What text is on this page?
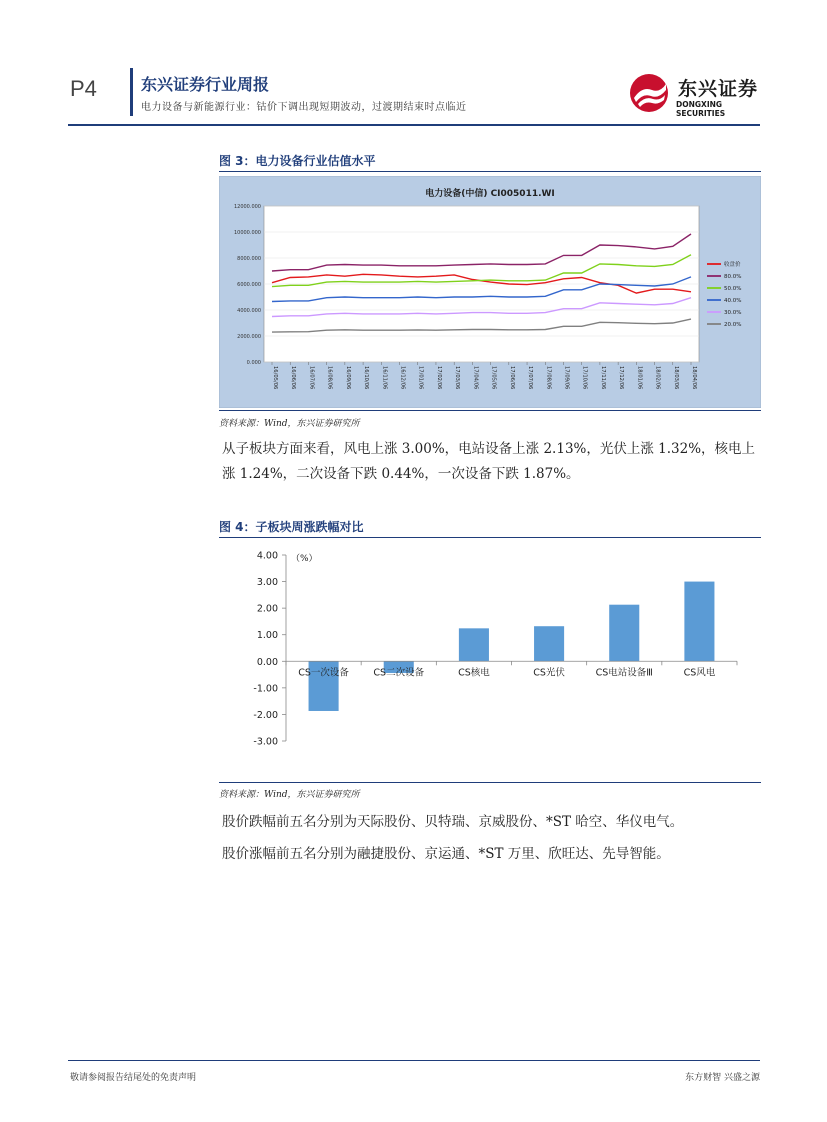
P4	东兴证券行业周报
电力设备与新能源行业：钴价下调出现短期波动，过渡期结束时点临近
东兴证券
DONGXING SECURITIES
图 3：电力设备行业估值水平
电力设备(中信) CI005011.WI
0.000
2000.000
4000.000
6000.000
8000.000
10000.000
12000.000
16/05/06 16/06/06 16/07/06 16/08/06 16/09/06 16/10/06 16/11/06 16/12/06 17/01/06 17/02/06 17/03/06 17/04/06 17/05/06 17/06/06 17/07/06 17/08/06 17/09/06 17/10/06 17/11/06 17/12/06 18/01/06 18/02/06 18/03/06 18/04/06
收盘价
80.0%
50.0%
40.0%
30.0%
20.0%
资料来源：Wind，东兴证券研究所
从子板块方面来看，风电上涨 3.00%，电站设备上涨 2.13%，光伏上涨 1.32%，核电上涨 1.24%，二次设备下跌 0.44%，一次设备下跌 1.87%。
图 4：子板块周涨跌幅对比
4.00
3.00
2.00
1.00
0.00
-1.00
-2.00
-3.00
（%）
CS一次设备	CS二次设备	CS核电	CS光伏	CS电站设备Ⅲ	CS风电
资料来源：Wind，东兴证券研究所
股价跌幅前五名分别为天际股份、贝特瑞、京威股份、*ST 哈空、华仪电气。
股价涨幅前五名分别为融捷股份、京运通、*ST 万里、欣旺达、先导智能。
敬请参阅报告结尾处的免责声明	东方财智 兴盛之源
